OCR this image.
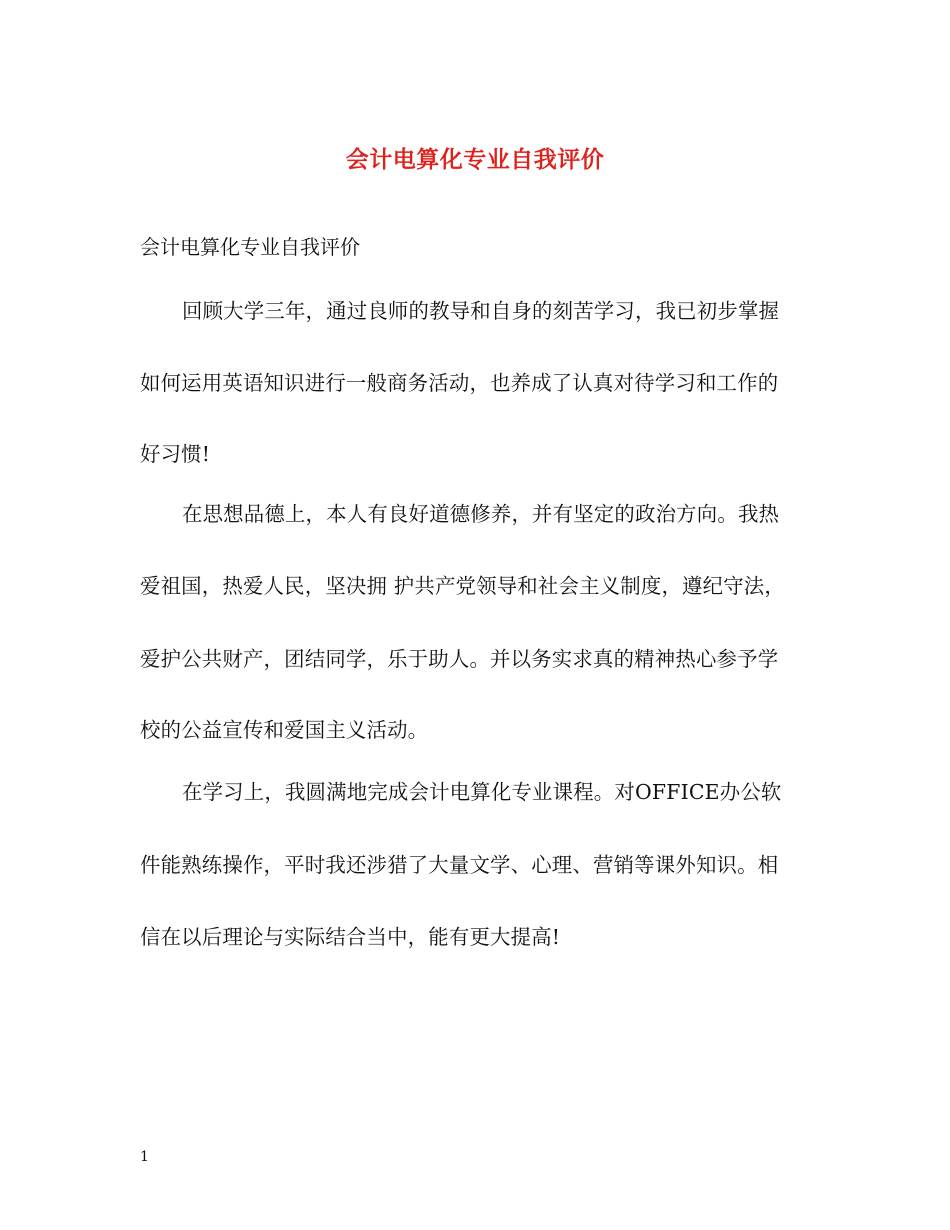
会计电算化专业自我评价
会计电算化专业自我评价
回顾大学三年，通过良师的教导和自身的刻苦学习，我已初步掌握
如何运用英语知识进行一般商务活动，也养成了认真对待学习和工作的
好习惯!
在思想品德上，本人有良好道德修养，并有坚定的政治方向。我热
爱祖国，热爱人民，坚决拥 护共产党领导和社会主义制度，遵纪守法，
爱护公共财产，团结同学，乐于助人。并以务实求真的精神热心参予学
校的公益宣传和爱国主义活动。
在学习上，我圆满地完成会计电算化专业课程。对OFFICE办公软
件能熟练操作，平时我还涉猎了大量文学、心理、营销等课外知识。相
信在以后理论与实际结合当中，能有更大提高!
1
